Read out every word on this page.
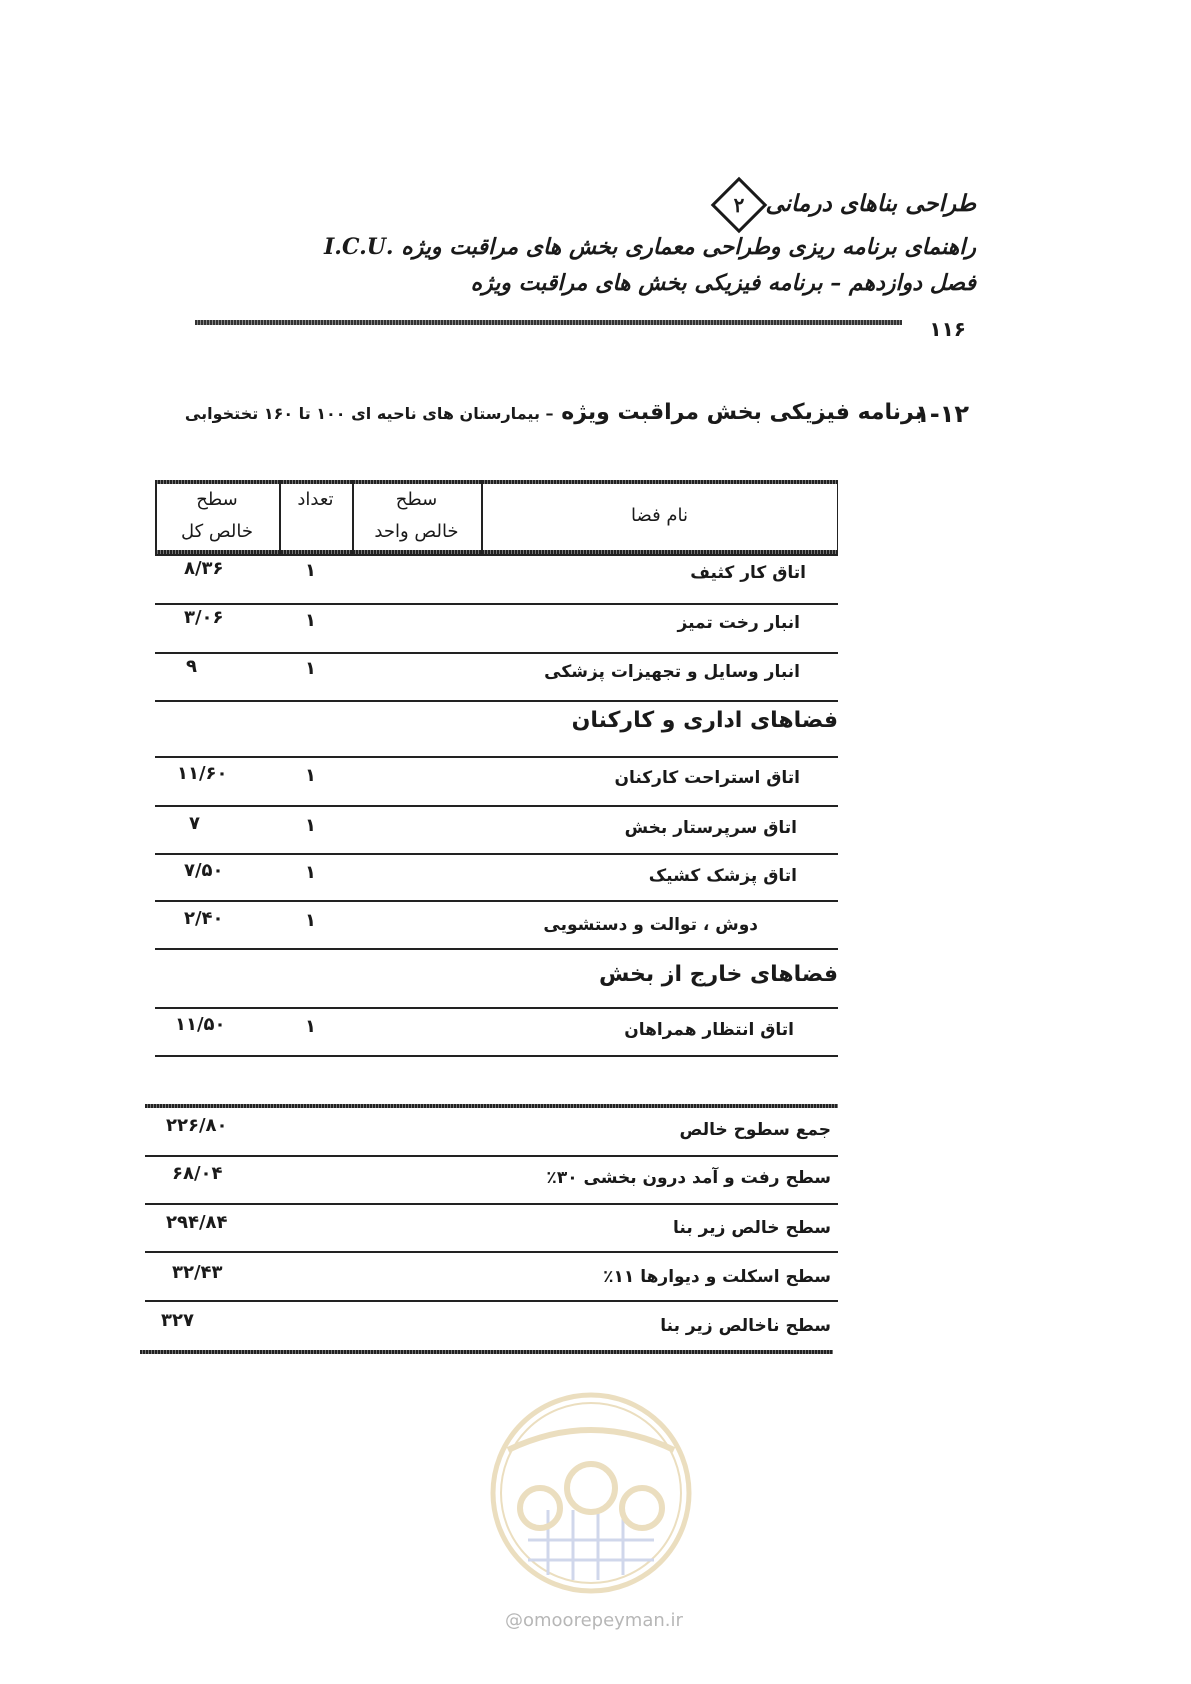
طراحی بناهای درمانی
۲
راهنمای برنامه ریزی وطراحی معماری بخش های مراقبت ویژه .I.C.U
فصل دوازدهم – برنامه فیزیکی بخش های مراقبت ویژه
۱۱۶
۱-۱۲
برنامه فیزیکی بخش مراقبت ویژه – بیمارستان های ناحیه ای ۱۰۰ تا ۱۶۰ تختخوابی
سطح
خالص کل
تعداد	سطح
خالص واحد
نام فضا
اتاق کار کثیف
۱
۸/۳۶
انبار رخت تمیز
۱
۳/۰۶
انبار وسایل و تجهیزات پزشکی
۱
۹
فضاهای اداری و کارکنان
اتاق استراحت کارکنان
۱
۱۱/۶۰
اتاق سرپرستار بخش
۱
۷
اتاق پزشک کشیک
۱
۷/۵۰
دوش ، توالت و دستشویی
۱
۲/۴۰
فضاهای خارج از بخش
اتاق انتظار همراهان
۱
۱۱/۵۰
جمع سطوح خالص
۲۲۶/۸۰
سطح رفت و آمد درون بخشی ۳۰٪
۶۸/۰۴
سطح خالص زیر بنا
۲۹۴/۸۴
سطح اسکلت و دیوارها ۱۱٪
۳۲/۴۳
سطح ناخالص زیر بنا
۳۲۷
@omoorepeyman.ir
